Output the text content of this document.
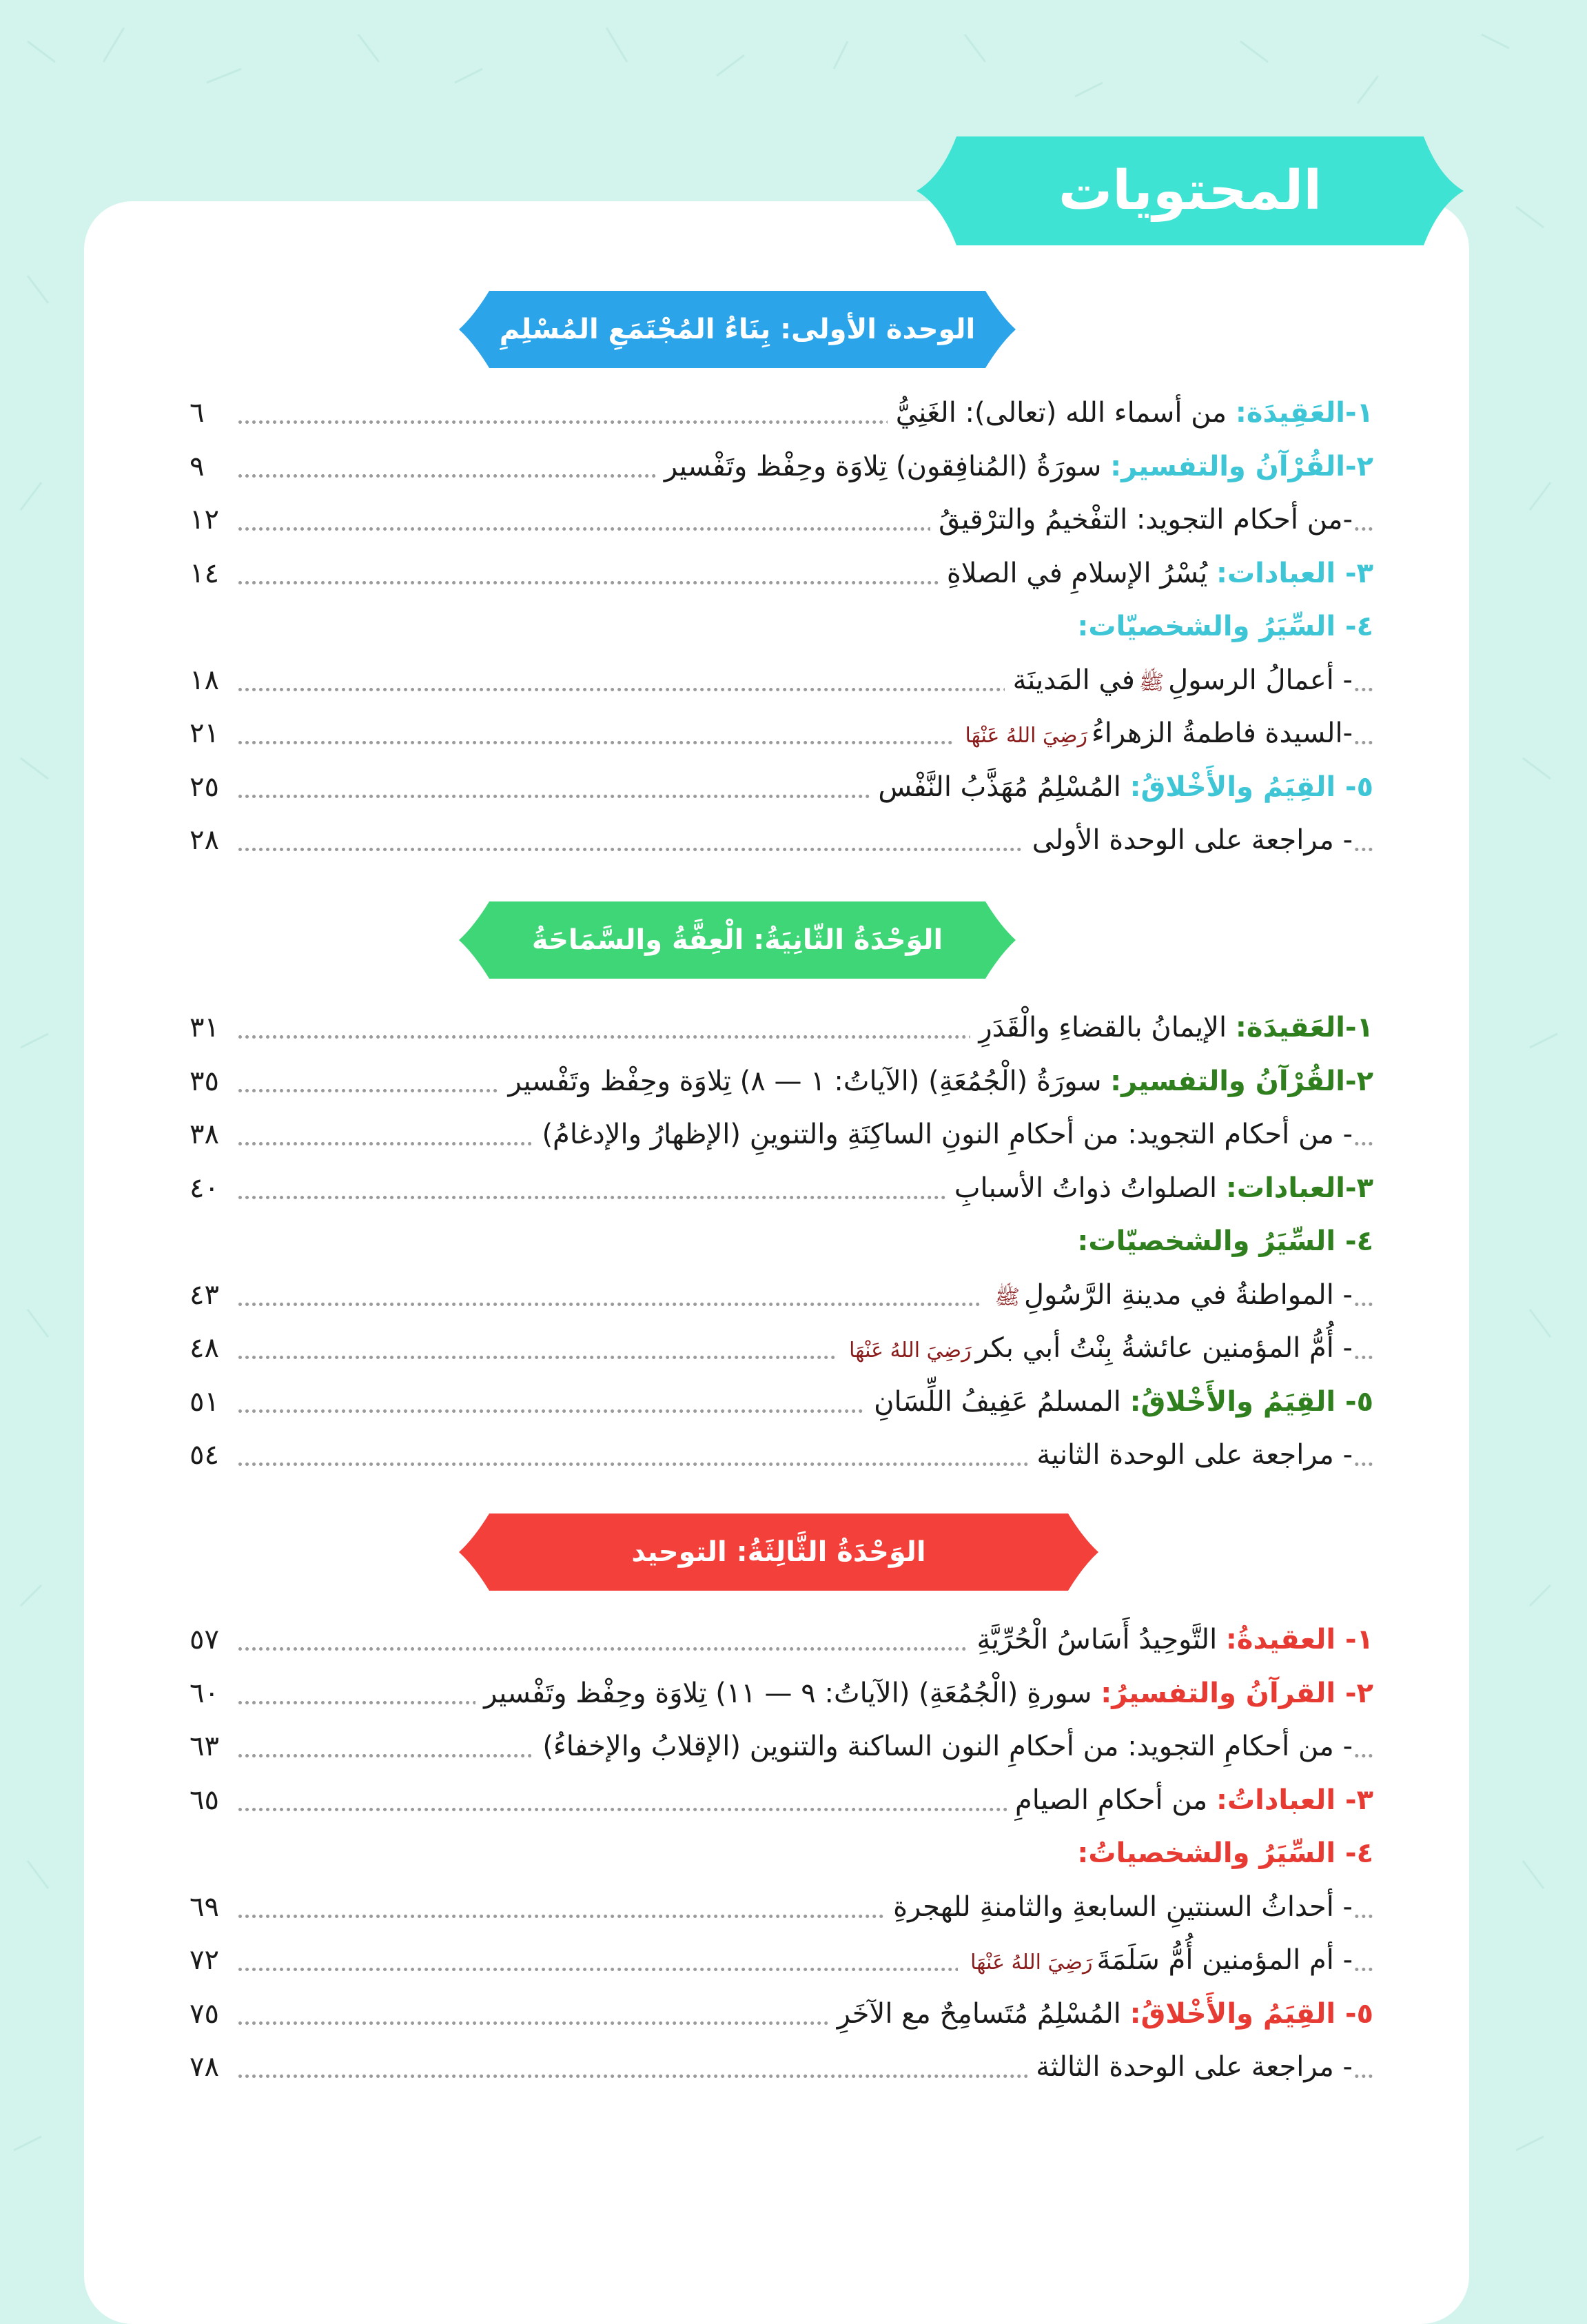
المحتويات
الوحدة الأولى: بِنَاءُ المُجْتَمَعِ المُسْلِمِ
٦	١-العَقِيدَة: من أسماء الله (تعالى): الغَنِيُّ
٩	٢-القُرْآنُ والتفسير: سورَةُ (المُنافِقون) تِلاوَة وحِفْظ وتَفْسير
١٢	-من أحكام التجويد: التفْخيمُ والترْقيقُ
١٤	٣- العبادات: يُسْرُ الإسلامِ في الصلاةِ
٤- السِّيَرُ والشخصيّات:
١٨	- أعمالُ الرسولِﷺفي المَدينَة
٢١	-السيدة فاطمةُ الزهراءُرَضِيَ اللهُ عَنْهَا
٢٥	٥- القِيَمُ والأَخْلاقُ: المُسْلِمُ مُهَذَّبُ النَّفْس
٢٨	- مراجعة على الوحدة الأولى
الوَحْدَةُ الثّانِيَةُ: الْعِفَّةُ والسَّمَاحَةُ
٣١	١-العَقيدَة: الإيمانُ بالقضاءِ والْقَدَرِ
٣٥	٢-القُرْآنُ والتفسير: سورَةُ (الْجُمُعَةِ) (الآياتُ: ١ — ٨) تِلاوَة وحِفْظ وتَفْسير
٣٨	- من أحكام التجويد: من أحكامِ النونِ الساكِنَةِ والتنوينِ (الإظهارُ والإدغامُ)
٤٠	٣-العبادات: الصلواتُ ذواتُ الأسبابِ
٤- السِّيَرُ والشخصيّات:
٤٣	- المواطنةُ في مدينةِ الرَّسُولِﷺ
٤٨	- أُمُّ المؤمنين عائشةُ بِنْتُ أبي بكررَضِيَ اللهُ عَنْهَا
٥١	٥- القِيَمُ والأَخْلاقُ: المسلمُ عَفِيفُ اللِّسَانِ
٥٤	- مراجعة على الوحدة الثانية
الوَحْدَةُ الثَّالِثَةُ: التوحيد
٥٧	١- العقيدةُ: التَّوحِيدُ أَسَاسُ الْحُرِّيَّةِ
٦٠	٢- القرآنُ والتفسيرُ: سورةِ (الْجُمُعَةِ) (الآياتُ: ٩ — ١١) تِلاوَة وحِفْظ وتَفْسير
٦٣	- من أحكامِ التجويد: من أحكامِ النون الساكنة والتنوين (الإقلابُ والإخفاءُ)
٦٥	٣- العباداتُ: من أحكامِ الصيامِ
٤- السِّيَرُ والشخصياتُ:
٦٩	- أحداثُ السنتينِ السابعةِ والثامنةِ للهجرةِ
٧٢	- أم المؤمنين أُمُّ سَلَمَةَرَضِيَ اللهُ عَنْهَا
٧٥	٥- القِيَمُ والأَخْلاقُ: المُسْلِمُ مُتَسامِحٌ مع الآخَرِ
٧٨	- مراجعة على الوحدة الثالثة
